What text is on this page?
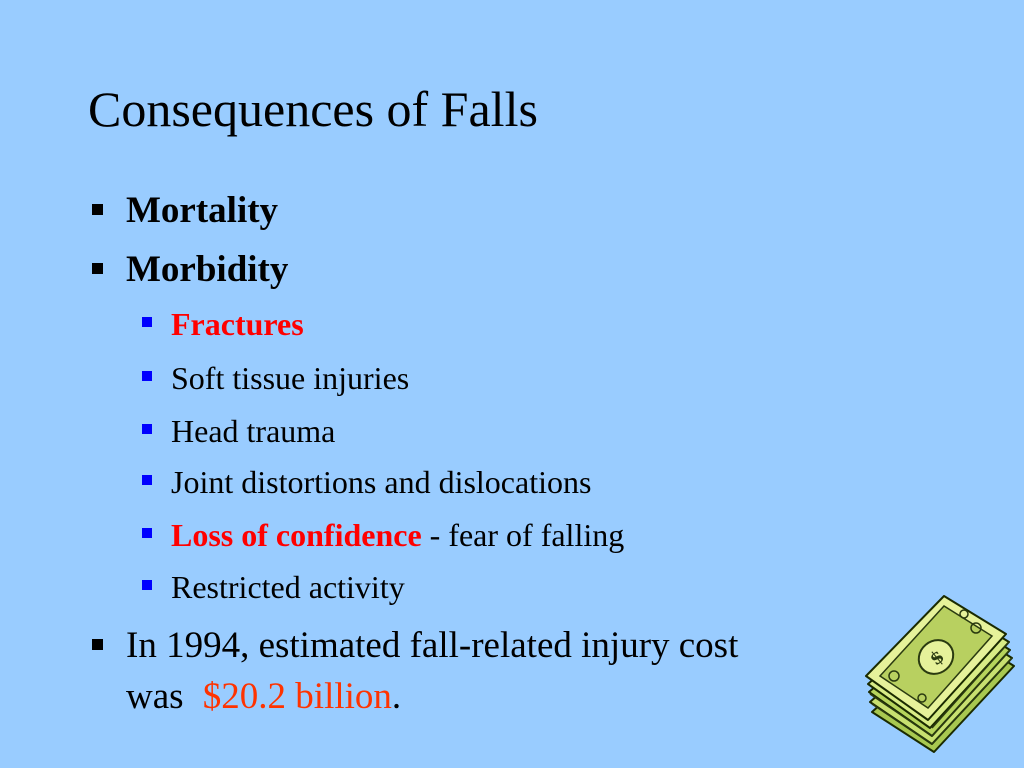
Consequences of Falls
Mortality
Morbidity
Fractures
Soft tissue injuries
Head trauma
Joint distortions and dislocations
Loss of confidence - fear of falling
Restricted activity
In 1994, estimated fall-related injury cost
was $20.2 billion.
$
